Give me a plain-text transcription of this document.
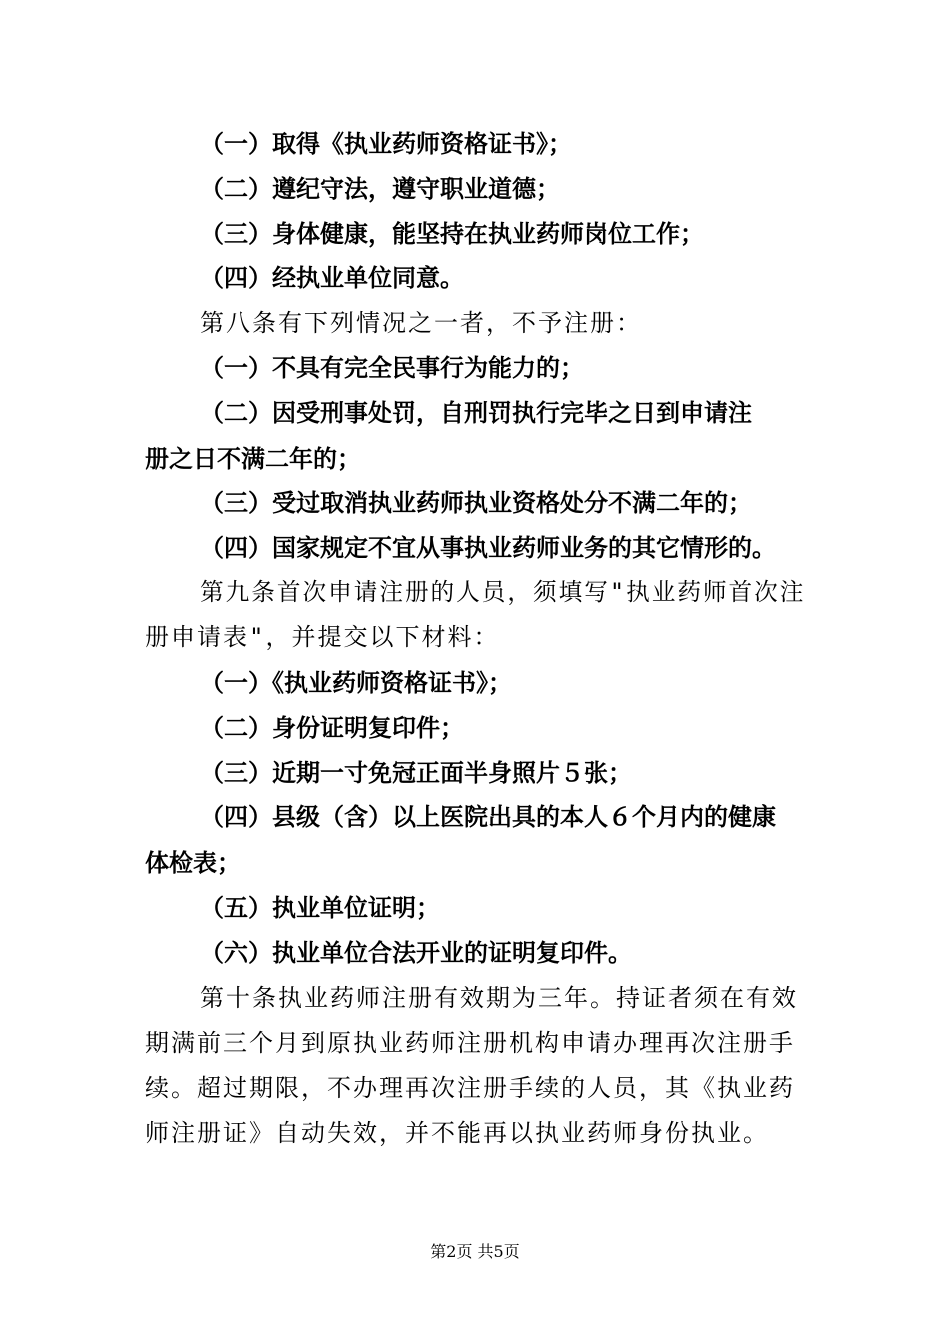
（一）取得《执业药师资格证书》；
（二）遵纪守法，遵守职业道德；
（三）身体健康，能坚持在执业药师岗位工作；
（四）经执业单位同意。
第八条有下列情况之一者，不予注册：
（一）不具有完全民事行为能力的；
（二）因受刑事处罚，自刑罚执行完毕之日到申请注
册之日不满二年的；
（三）受过取消执业药师执业资格处分不满二年的；
（四）国家规定不宜从事执业药师业务的其它情形的。
第九条首次申请注册的人员，须填写"执业药师首次注
册申请表"，并提交以下材料：
（一）《执业药师资格证书》；
（二）身份证明复印件；
（三）近期一寸免冠正面半身照片５张；
（四）县级（含）以上医院出具的本人６个月内的健康
体检表；
（五）执业单位证明；
（六）执业单位合法开业的证明复印件。
第十条执业药师注册有效期为三年。持证者须在有效
期满前三个月到原执业药师注册机构申请办理再次注册手
续。超过期限，不办理再次注册手续的人员，其《执业药
师注册证》自动失效，并不能再以执业药师身份执业。
第2页 共5页
